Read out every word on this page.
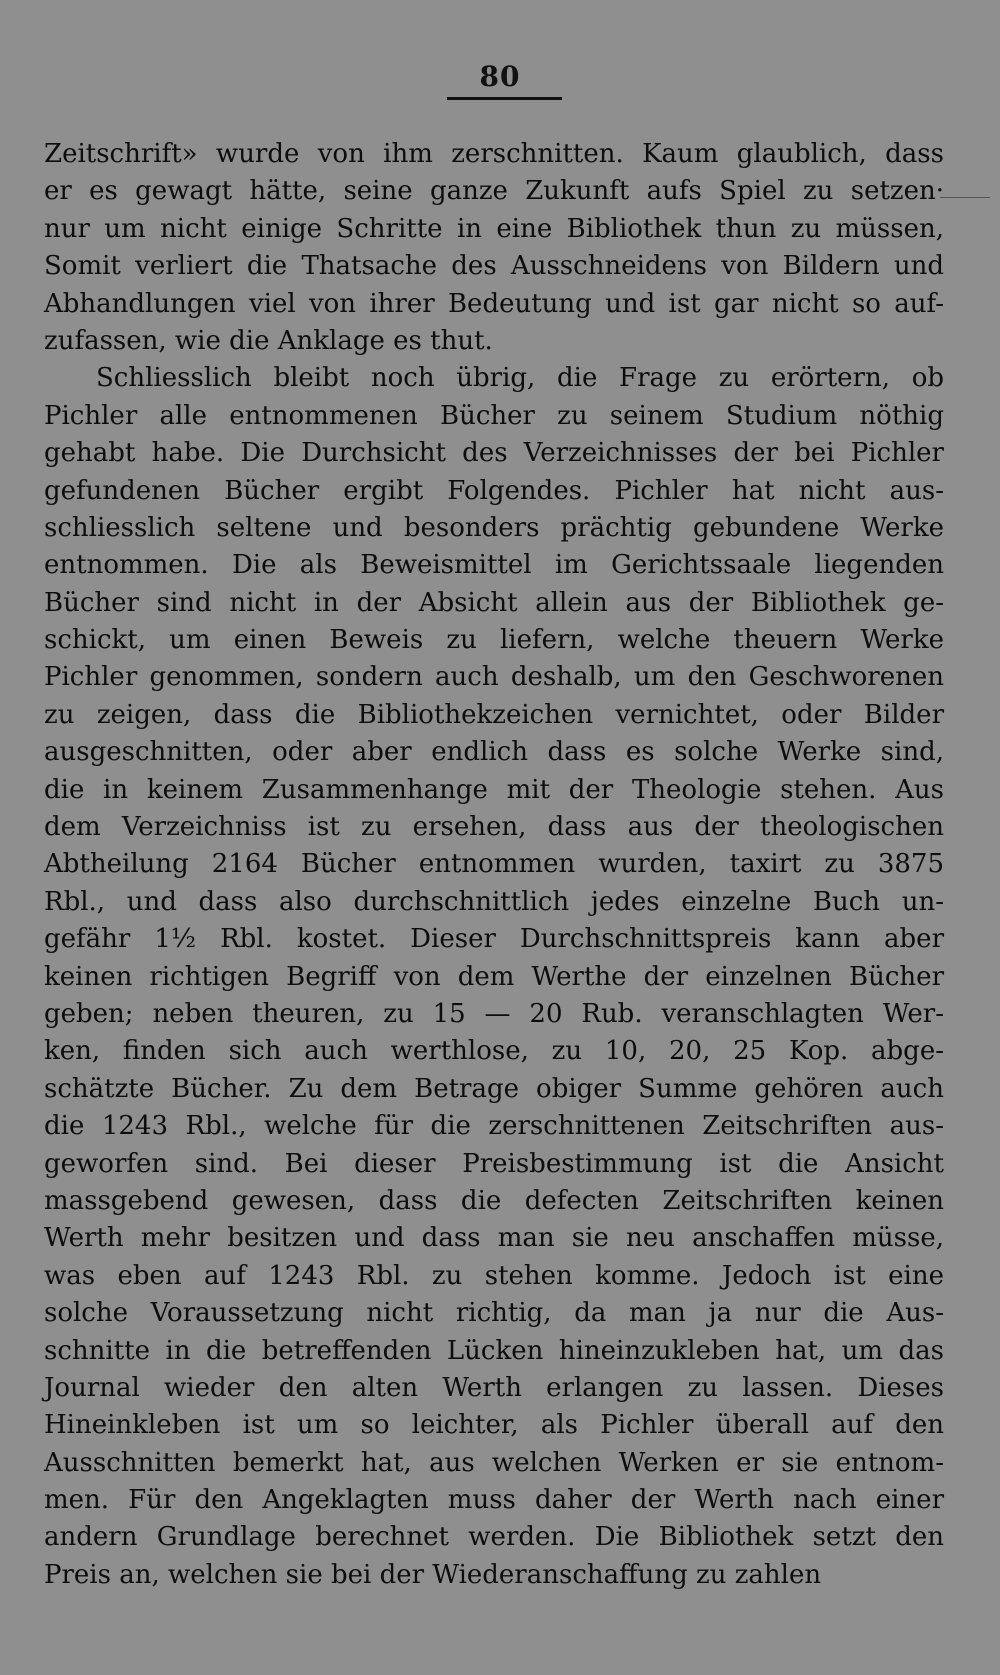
80
Zeitschrift» wurde von ihm zerschnitten. Kaum glaublich, dass
er es gewagt hätte, seine ganze Zukunft aufs Spiel zu setzen·
nur um nicht einige Schritte in eine Bibliothek thun zu müssen,
Somit verliert die Thatsache des Ausschneidens von Bildern und
Abhandlungen viel von ihrer Bedeutung und ist gar nicht so auf-
zufassen, wie die Anklage es thut.
Schliesslich bleibt noch übrig, die Frage zu erörtern, ob
Pichler alle entnommenen Bücher zu seinem Studium nöthig
gehabt habe. Die Durchsicht des Verzeichnisses der bei Pichler
gefundenen Bücher ergibt Folgendes. Pichler hat nicht aus-
schliesslich seltene und besonders prächtig gebundene Werke
entnommen. Die als Beweismittel im Gerichtssaale liegenden
Bücher sind nicht in der Absicht allein aus der Bibliothek ge-
schickt, um einen Beweis zu liefern, welche theuern Werke
Pichler genommen, sondern auch deshalb, um den Geschworenen
zu zeigen, dass die Bibliothekzeichen vernichtet, oder Bilder
ausgeschnitten, oder aber endlich dass es solche Werke sind,
die in keinem Zusammenhange mit der Theologie stehen. Aus
dem Verzeichniss ist zu ersehen, dass aus der theologischen
Abtheilung 2164 Bücher entnommen wurden, taxirt zu 3875
Rbl., und dass also durchschnittlich jedes einzelne Buch un-
gefähr 1½ Rbl. kostet. Dieser Durchschnittspreis kann aber
keinen richtigen Begriff von dem Werthe der einzelnen Bücher
geben; neben theuren, zu 15 — 20 Rub. veranschlagten Wer-
ken, finden sich auch werthlose, zu 10, 20, 25 Kop. abge-
schätzte Bücher. Zu dem Betrage obiger Summe gehören auch
die 1243 Rbl., welche für die zerschnittenen Zeitschriften aus-
geworfen sind. Bei dieser Preisbestimmung ist die Ansicht
massgebend gewesen, dass die defecten Zeitschriften keinen
Werth mehr besitzen und dass man sie neu anschaffen müsse,
was eben auf 1243 Rbl. zu stehen komme. Jedoch ist eine
solche Voraussetzung nicht richtig, da man ja nur die Aus-
schnitte in die betreffenden Lücken hineinzukleben hat, um das
Journal wieder den alten Werth erlangen zu lassen. Dieses
Hineinkleben ist um so leichter, als Pichler überall auf den
Ausschnitten bemerkt hat, aus welchen Werken er sie entnom-
men. Für den Angeklagten muss daher der Werth nach einer
andern Grundlage berechnet werden. Die Bibliothek setzt den
Preis an, welchen sie bei der Wiederanschaffung zu zahlen
